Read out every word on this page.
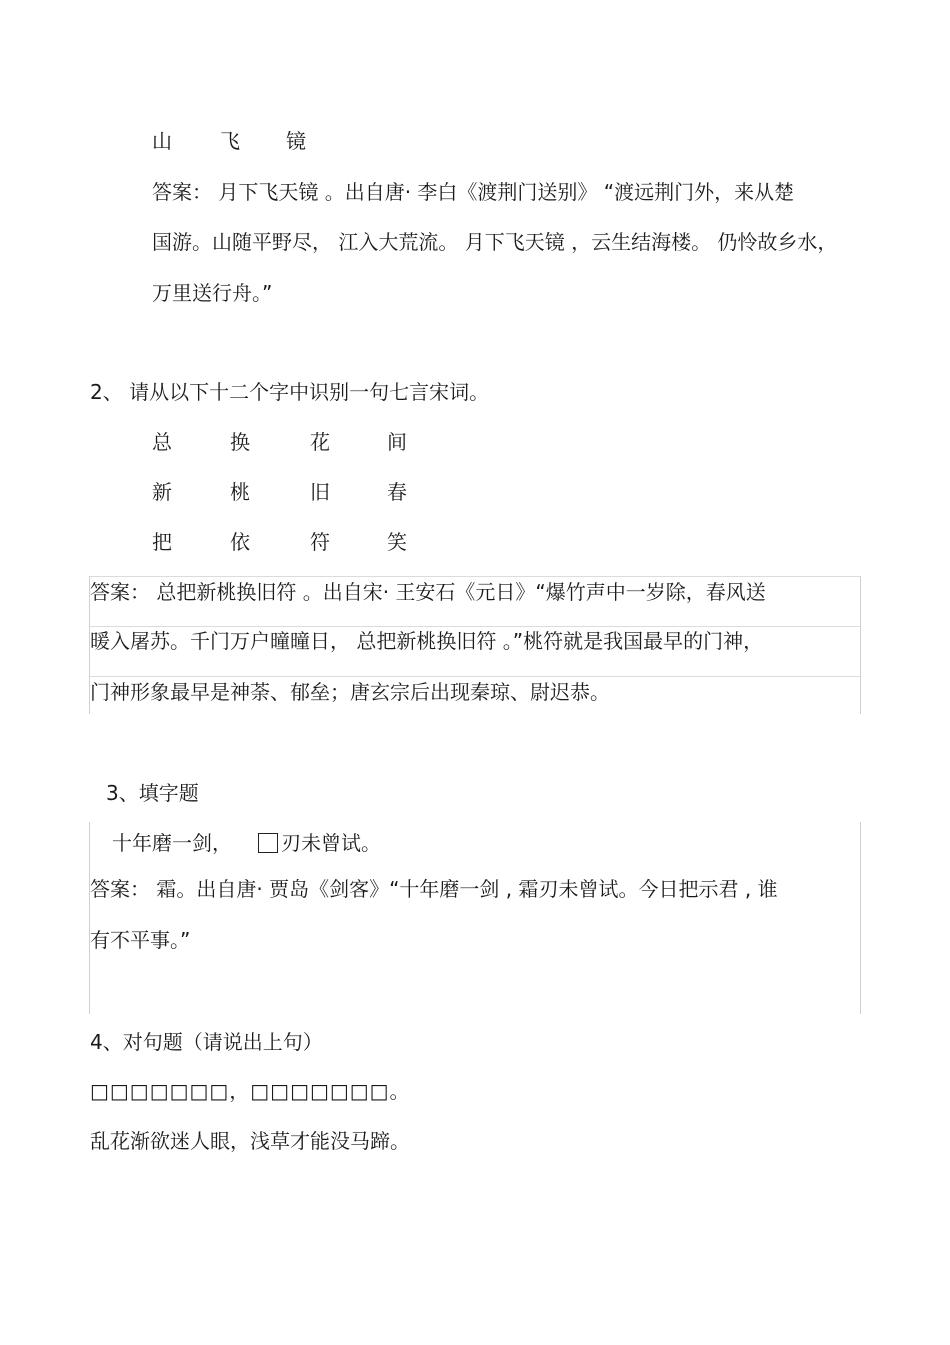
山 飞 镜
答案： 月下飞天镜 。出自唐· 李白《渡荆门送别》 “渡远荆门外，来从楚
国游。山随平野尽， 江入大荒流。 月下飞天镜 ，云生结海楼。 仍怜故乡水，
万里送行舟。”
2、 请从以下十二个字中识别一句七言宋词。
总	换	花	间
新	桃	旧	春
把	依	符	笑
答案： 总把新桃换旧符 。出自宋· 王安石《元日》“爆竹声中一岁除，春风送
暖入屠苏。千门万户曈曈日， 总把新桃换旧符 。”桃符就是我国最早的门神，
门神形象最早是神荼、郁垒；唐玄宗后出现秦琼、尉迟恭。
3、填字题
十年磨一剑， 刃未曾试。
答案： 霜。出自唐· 贾岛《剑客》“十年磨一剑 , 霜刃未曾试。今日把示君 , 谁
有不平事。”
4、对句题（请说出上句）
□□□□□□□，□□□□□□□。
乱花渐欲迷人眼，浅草才能没马蹄。
